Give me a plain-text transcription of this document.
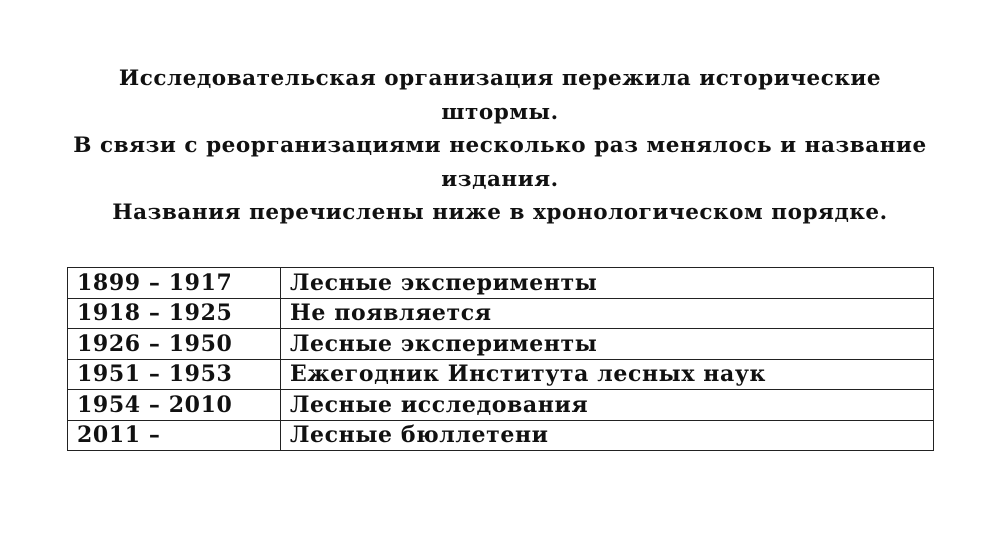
Исследовательская организация пережила исторические
штормы.
В связи с реорганизациями несколько раз менялось и название
издания.
Названия перечислены ниже в хронологическом порядке.
1899 – 1917	Лесные эксперименты
1918 – 1925	Не появляется
1926 – 1950	Лесные эксперименты
1951 – 1953	Ежегодник Института лесных наук
1954 – 2010	Лесные исследования
2011 –	Лесные бюллетени
